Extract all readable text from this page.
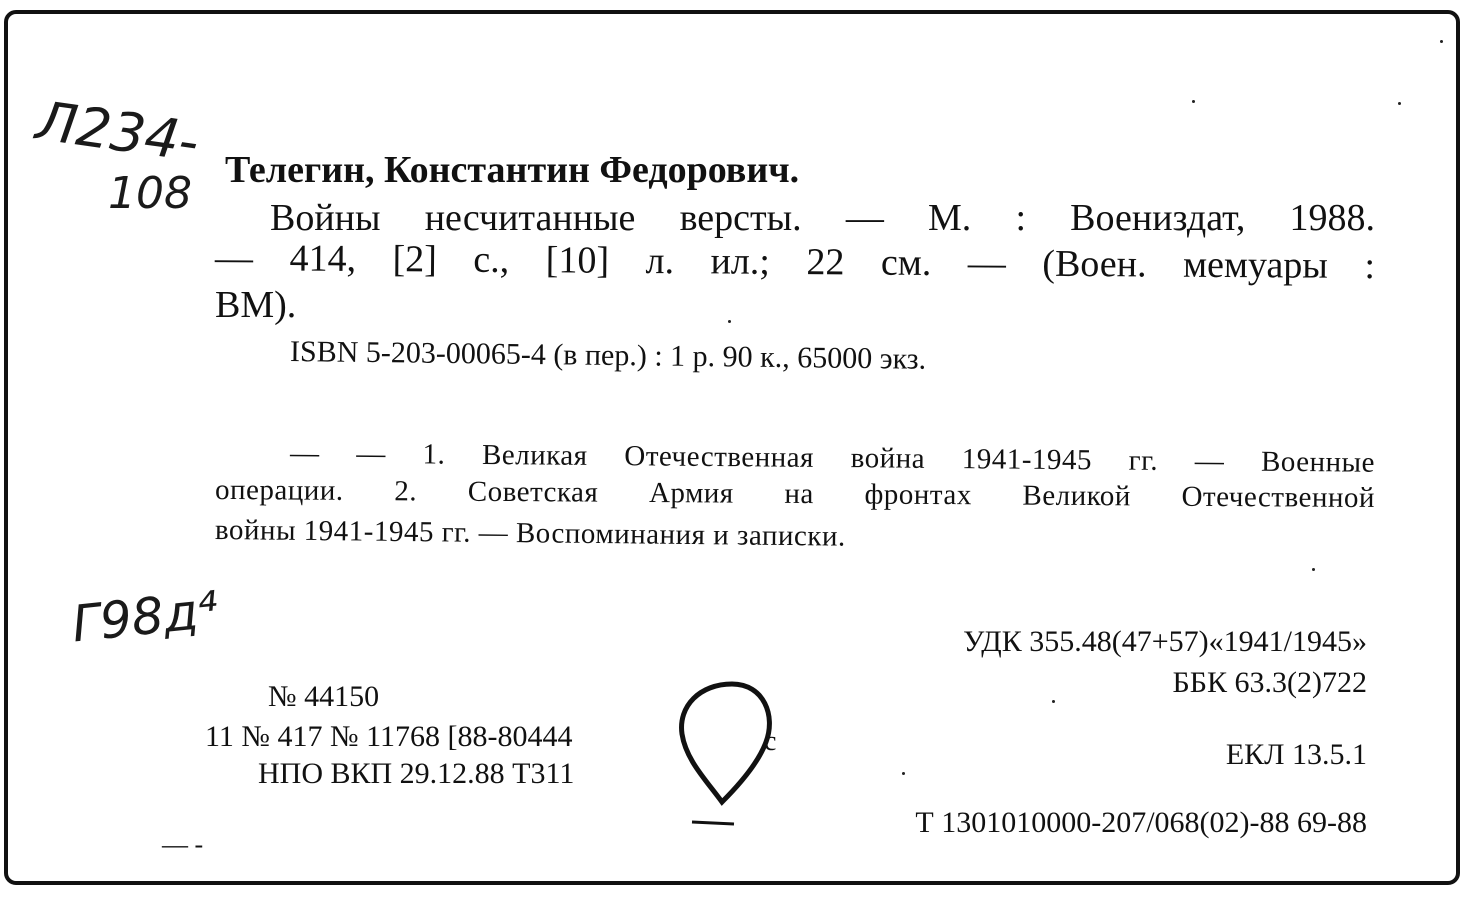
Л234-
108 Телегин, Константин Федорович.
Войны несчитанные версты. — М. : Воениздат, 1988.
— 414, [2] с., [10] л. ил.; 22 см. — (Воен. мемуары :
ВМ).
ISBN 5-203-00065-4 (в пер.) : 1 р. 90 к., 65000 экз.
— — 1. Великая Отечественная война 1941-1945 гг. — Военные
операции. 2. Советская Армия на фронтах Великой Отечественной
войны 1941-1945 гг. — Воспоминания и записки.
Г98д⁴	УДК 355.48(47+57)«1941/1945»
ББК 63.3(2)722
ЕКЛ 13.5.1
Т 1301010000-207/068(02)-88 69-88
№ 44150
11 № 417 № 11768 [88-80444
НПО ВКП 29.12.88 Т311
с
— -
